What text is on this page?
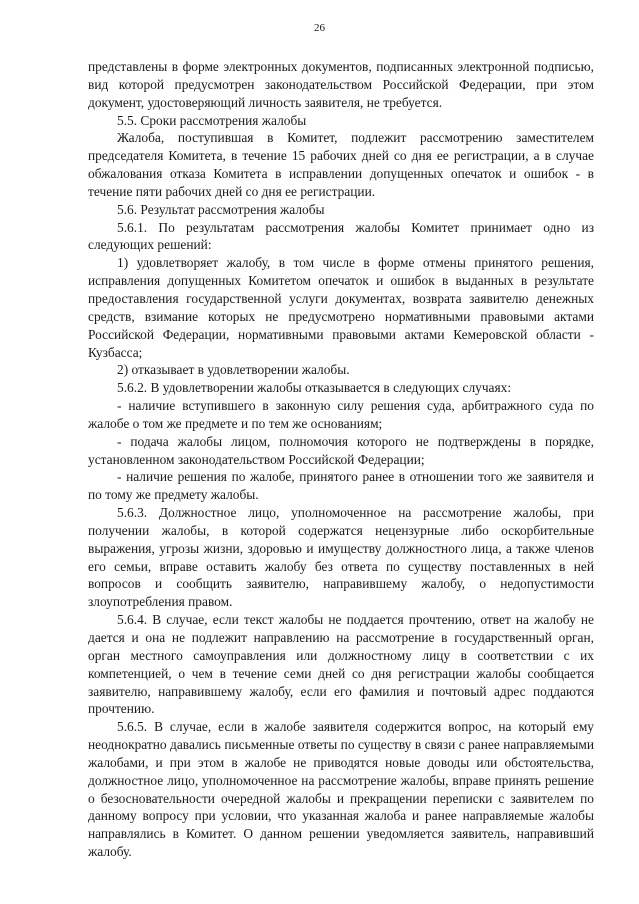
26

представлены в форме электронных документов, подписанных электронной подписью, вид которой предусмотрен законодательством Российской Федерации, при этом документ, удостоверяющий личность заявителя, не требуется.

5.5. Сроки рассмотрения жалобы

Жалоба, поступившая в Комитет, подлежит рассмотрению заместителем председателя Комитета, в течение 15 рабочих дней со дня ее регистрации, а в случае обжалования отказа Комитета в исправлении допущенных опечаток и ошибок - в течение пяти рабочих дней со дня ее регистрации.

5.6. Результат рассмотрения жалобы

5.6.1. По результатам рассмотрения жалобы Комитет принимает одно из следующих решений:

1) удовлетворяет жалобу, в том числе в форме отмены принятого решения, исправления допущенных Комитетом опечаток и ошибок в выданных в результате предоставления государственной услуги документах, возврата заявителю денежных средств, взимание которых не предусмотрено нормативными правовыми актами Российской Федерации, нормативными правовыми актами Кемеровской области - Кузбасса;

2) отказывает в удовлетворении жалобы.

5.6.2. В удовлетворении жалобы отказывается в следующих случаях:

- наличие вступившего в законную силу решения суда, арбитражного суда по жалобе о том же предмете и по тем же основаниям;

- подача жалобы лицом, полномочия которого не подтверждены в порядке, установленном законодательством Российской Федерации;

- наличие решения по жалобе, принятого ранее в отношении того же заявителя и по тому же предмету жалобы.

5.6.3. Должностное лицо, уполномоченное на рассмотрение жалобы, при получении жалобы, в которой содержатся нецензурные либо оскорбительные выражения, угрозы жизни, здоровью и имуществу должностного лица, а также членов его семьи, вправе оставить жалобу без ответа по существу поставленных в ней вопросов и сообщить заявителю, направившему жалобу, о недопустимости злоупотребления правом.

5.6.4. В случае, если текст жалобы не поддается прочтению, ответ на жалобу не дается и она не подлежит направлению на рассмотрение в государственный орган, орган местного самоуправления или должностному лицу в соответствии с их компетенцией, о чем в течение семи дней со дня регистрации жалобы сообщается заявителю, направившему жалобу, если его фамилия и почтовый адрес поддаются прочтению.

5.6.5. В случае, если в жалобе заявителя содержится вопрос, на который ему неоднократно давались письменные ответы по существу в связи с ранее направляемыми жалобами, и при этом в жалобе не приводятся новые доводы или обстоятельства, должностное лицо, уполномоченное на рассмотрение жалобы, вправе принять решение о безосновательности очередной жалобы и прекращении переписки с заявителем по данному вопросу при условии, что указанная жалоба и ранее направляемые жалобы направлялись в Комитет. О данном решении уведомляется заявитель, направивший жалобу.
